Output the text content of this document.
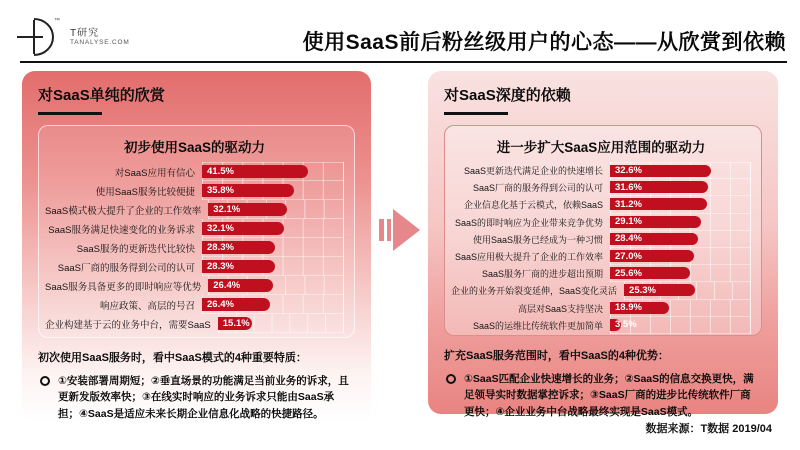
™
T研究
TANALYSE.COM	使用SaaS前后粉丝级用户的心态——从欣赏到依赖
对SaaS单纯的欣赏
初步使用SaaS的驱动力
对SaaS应用有信心	41.5%
使用SaaS服务比较便捷	35.8%
SaaS模式极大提升了企业的工作效率	32.1%
SaaS服务满足快速变化的业务诉求	32.1%
SaaS服务的更新迭代比较快	28.3%
SaaS厂商的服务得到公司的认可	28.3%
SaaS服务具备更多的即时响应等优势	26.4%
响应政策、高层的号召	26.4%
企业构建基于云的业务中台，需要SaaS	15.1%
初次使用SaaS服务时，看中SaaS模式的4种重要特质：
①安装部署周期短；②垂直场景的功能满足当前业务的诉求，且更新发版效率快；③在线实时响应的业务诉求只能由SaaS承担；④SaaS是适应未来长期企业信息化战略的快捷路径。
对SaaS深度的依赖
进一步扩大SaaS应用范围的驱动力
SaaS更新迭代满足企业的快速增长	32.6%
SaaS厂商的服务得到公司的认可	31.6%
企业信息化基于云模式，依赖SaaS	31.2%
SaaS的即时响应为企业带来竞争优势	29.1%
使用SaaS服务已经成为一种习惯	28.4%
SaaS应用极大提升了企业的工作效率	27.0%
SaaS服务厂商的进步超出预期	25.6%
企业的业务开始裂变延伸，SaaS变化灵活	25.3%
高层对SaaS支持坚决	18.9%
SaaS的运维比传统软件更加简单	3.5%
扩充SaaS服务范围时，看中SaaS的4种优势：
①SaaS匹配企业快速增长的业务；②SaaS的信息交换更快，满足领导实时数据掌控诉求；③SaaS厂商的进步比传统软件厂商更快；④企业业务中台战略最终实现是SaaS模式。
数据来源：T数据 2019/04
